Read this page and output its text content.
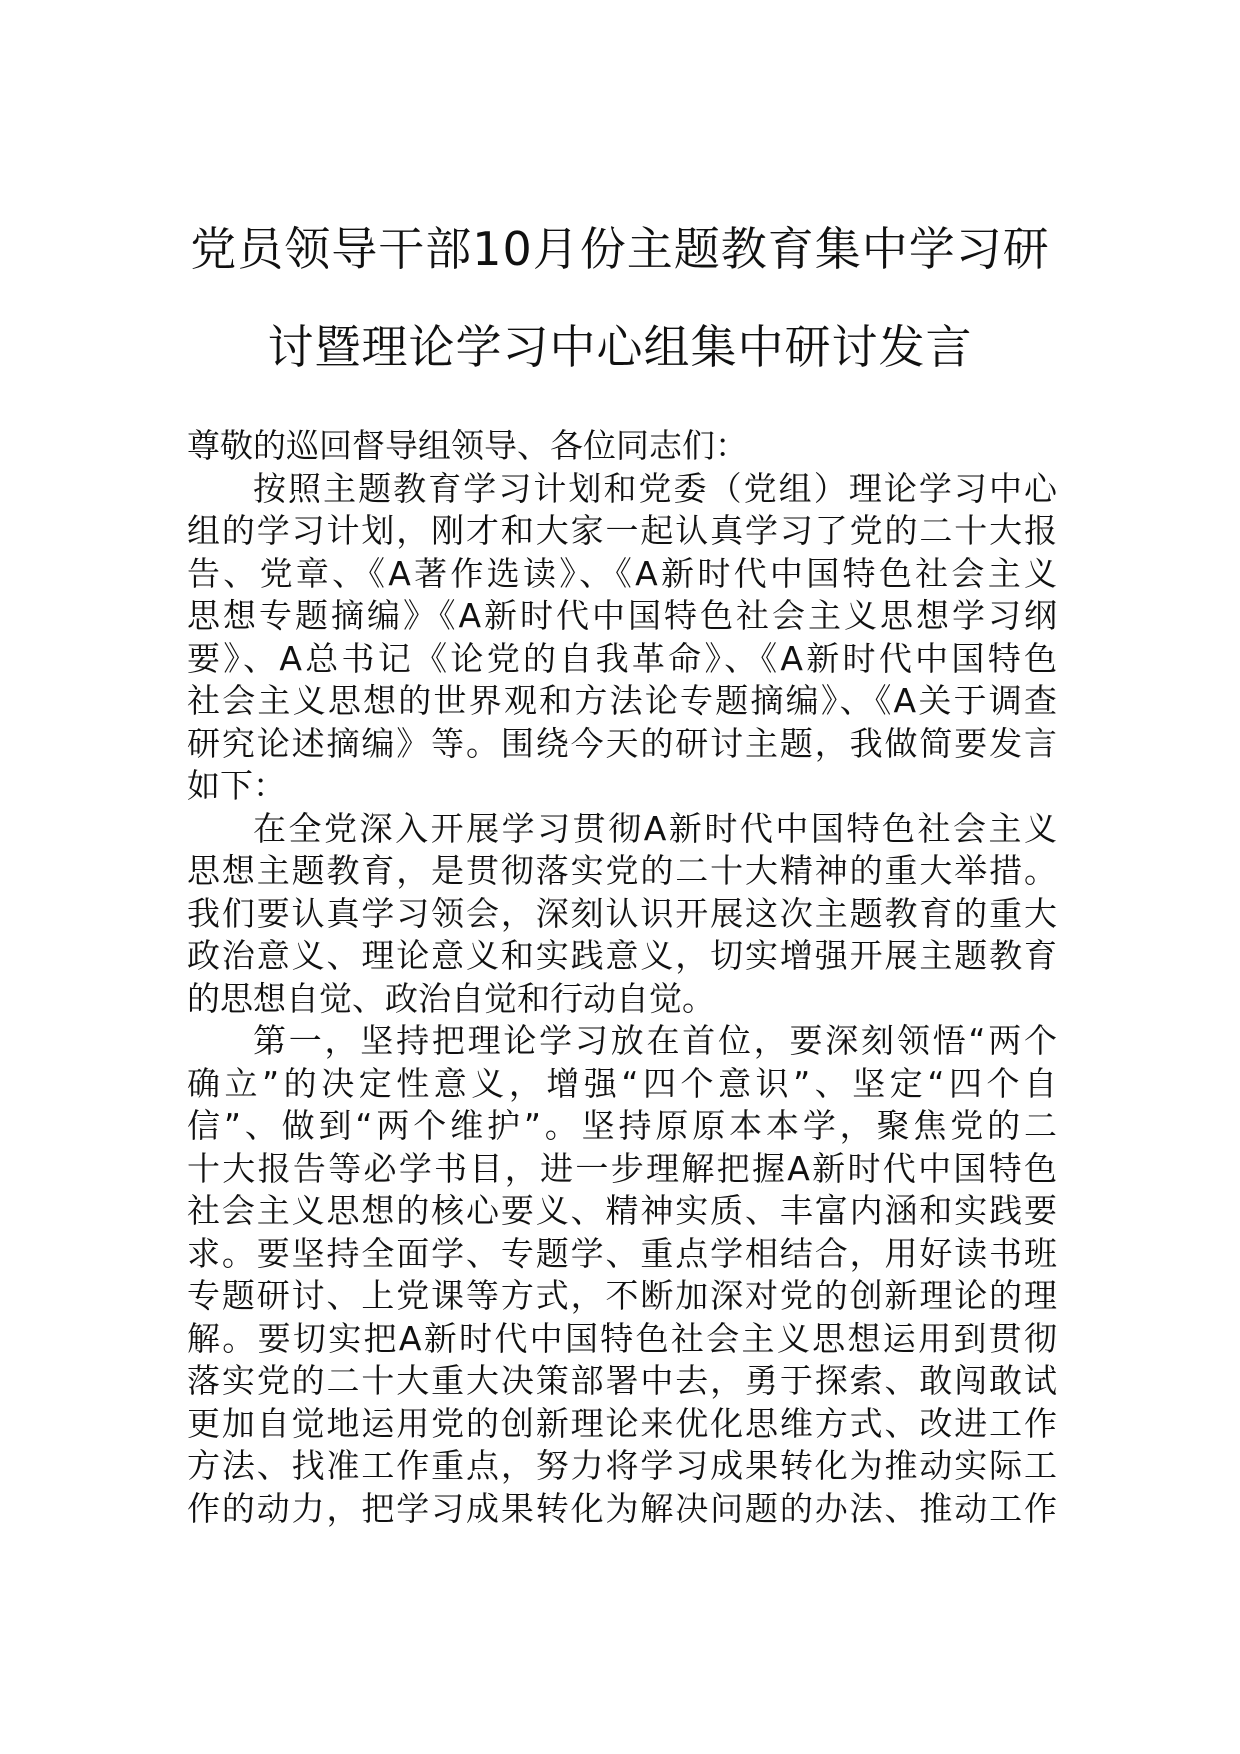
党员领导干部10月份主题教育集中学习研
讨暨理论学习中心组集中研讨发言

尊敬的巡回督导组领导、各位同志们：

按照主题教育学习计划和党委（党组）理论学习中心
组的学习计划，刚才和大家一起认真学习了党的二十大报
告、党章、《A著作选读》、《A新时代中国特色社会主义
思想专题摘编》《A新时代中国特色社会主义思想学习纲
要》、A总书记《论党的自我革命》、《A新时代中国特色
社会主义思想的世界观和方法论专题摘编》、《A关于调查
研究论述摘编》等。围绕今天的研讨主题，我做简要发言
如下：

在全党深入开展学习贯彻A新时代中国特色社会主义
思想主题教育，是贯彻落实党的二十大精神的重大举措。
我们要认真学习领会，深刻认识开展这次主题教育的重大
政治意义、理论意义和实践意义，切实增强开展主题教育
的思想自觉、政治自觉和行动自觉。

第一，坚持把理论学习放在首位，要深刻领悟“两个
确立”的决定性意义，增强“四个意识”、坚定“四个自
信”、做到“两个维护”。坚持原原本本学，聚焦党的二
十大报告等必学书目，进一步理解把握A新时代中国特色
社会主义思想的核心要义、精神实质、丰富内涵和实践要
求。要坚持全面学、专题学、重点学相结合，用好读书班
专题研讨、上党课等方式，不断加深对党的创新理论的理
解。要切实把A新时代中国特色社会主义思想运用到贯彻
落实党的二十大重大决策部署中去，勇于探索、敢闯敢试
更加自觉地运用党的创新理论来优化思维方式、改进工作
方法、找准工作重点，努力将学习成果转化为推动实际工
作的动力，把学习成果转化为解决问题的办法、推动工作
